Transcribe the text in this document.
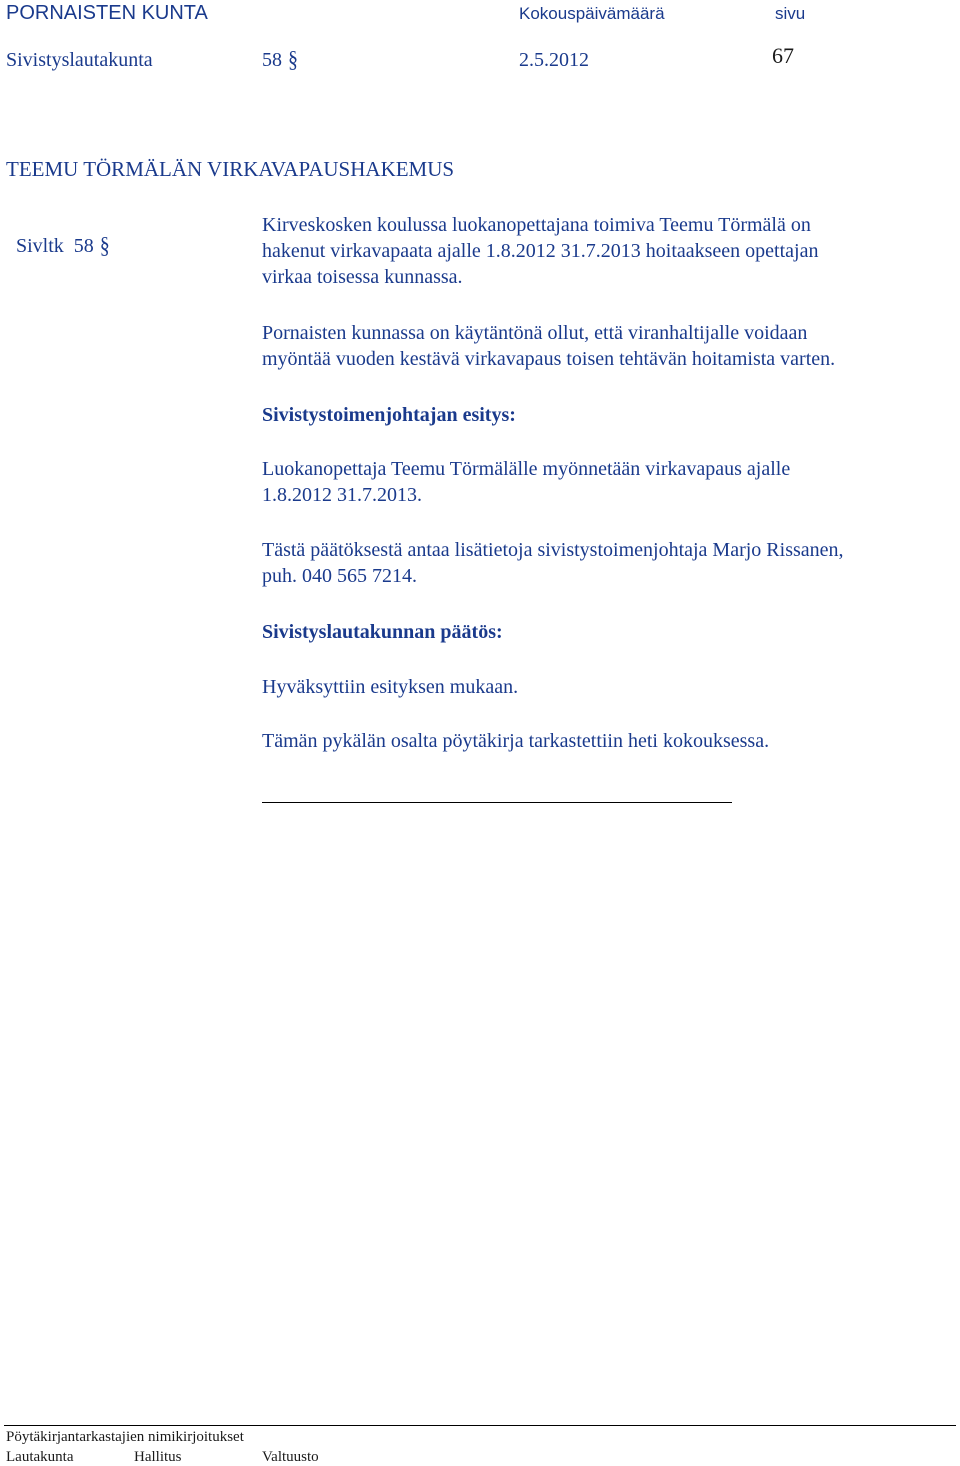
PORNAISTEN KUNTA	Kokouspäivämäärä	sivu
Sivistyslautakunta	58 §	2.5.2012	67
TEEMU TÖRMÄLÄN VIRKAVAPAUSHAKEMUS

Sivltk  58 §

Kirveskosken koulussa luokanopettajana toimiva Teemu Törmälä on
hakenut virkavapaata ajalle 1.8.2012 31.7.2013 hoitaakseen opettajan
virkaa toisessa kunnassa.
Pornaisten kunnassa on käytäntönä ollut, että viranhaltijalle voidaan
myöntää vuoden kestävä virkavapaus toisen tehtävän hoitamista varten.
Sivistystoimenjohtajan esitys:
Luokanopettaja Teemu Törmälälle myönnetään virkavapaus ajalle
1.8.2012 31.7.2013.
Tästä päätöksestä antaa lisätietoja sivistystoimenjohtaja Marjo Rissanen,
puh. 040 565 7214.
Sivistyslautakunnan päätös:
Hyväksyttiin esityksen mukaan.
Tämän pykälän osalta pöytäkirja tarkastettiin heti kokouksessa.
Pöytäkirjantarkastajien nimikirjoitukset
Lautakunta	Hallitus	Valtuusto
